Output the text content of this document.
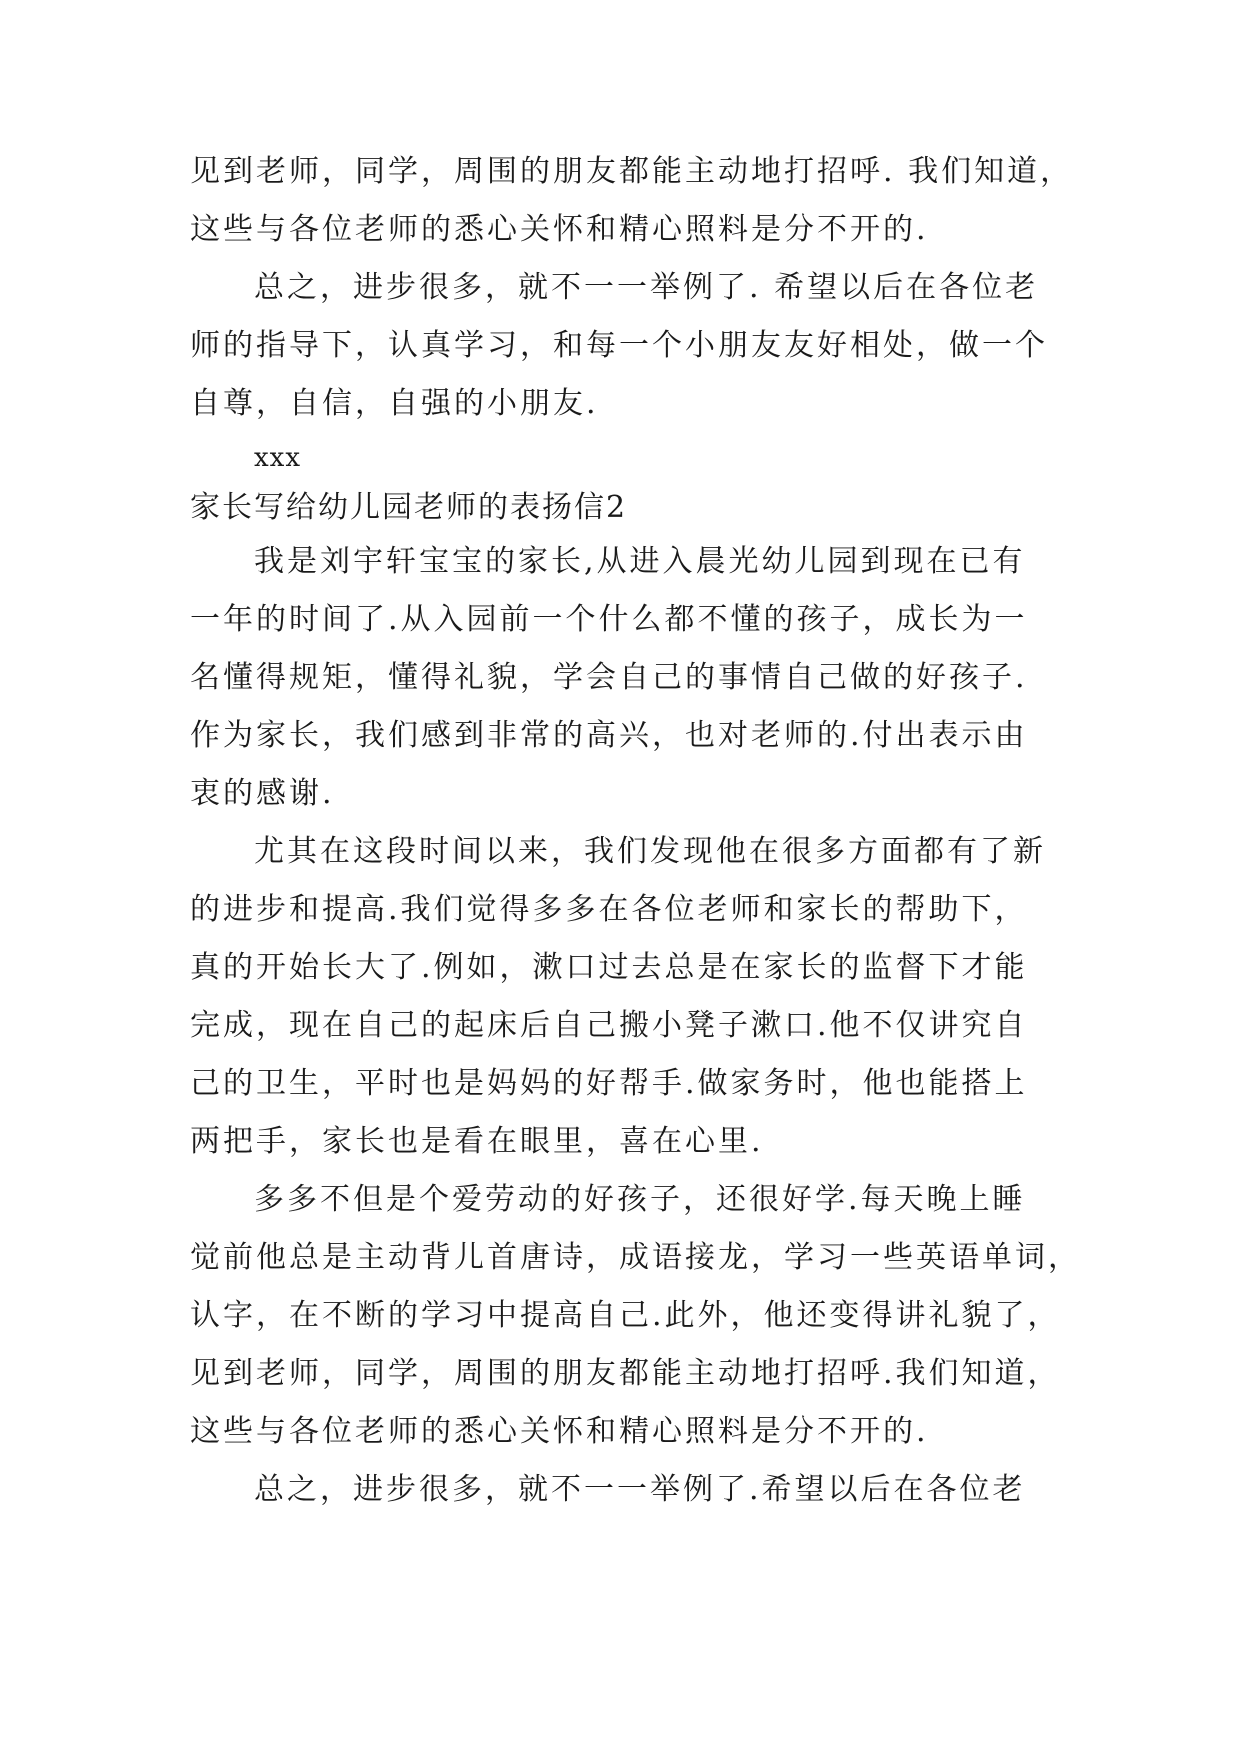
见到老师，同学，周围的朋友都能主动地打招呼. 我们知道，
这些与各位老师的悉心关怀和精心照料是分不开的.
总之，进步很多，就不一一举例了. 希望以后在各位老
师的指导下，认真学习，和每一个小朋友友好相处，做一个
自尊，自信，自强的小朋友.
xxx
家长写给幼儿园老师的表扬信2
我是刘宇轩宝宝的家长,从进入晨光幼儿园到现在已有
一年的时间了.从入园前一个什么都不懂的孩子，成长为一
名懂得规矩，懂得礼貌，学会自己的事情自己做的好孩子.
作为家长，我们感到非常的高兴，也对老师的.付出表示由
衷的感谢.
尤其在这段时间以来，我们发现他在很多方面都有了新
的进步和提高.我们觉得多多在各位老师和家长的帮助下，
真的开始长大了.例如，漱口过去总是在家长的监督下才能
完成，现在自己的起床后自己搬小凳子漱口.他不仅讲究自
己的卫生，平时也是妈妈的好帮手.做家务时，他也能搭上
两把手，家长也是看在眼里，喜在心里.
多多不但是个爱劳动的好孩子，还很好学.每天晚上睡
觉前他总是主动背儿首唐诗，成语接龙，学习一些英语单词，
认字，在不断的学习中提高自己.此外，他还变得讲礼貌了，
见到老师，同学，周围的朋友都能主动地打招呼.我们知道，
这些与各位老师的悉心关怀和精心照料是分不开的.
总之，进步很多，就不一一举例了.希望以后在各位老
